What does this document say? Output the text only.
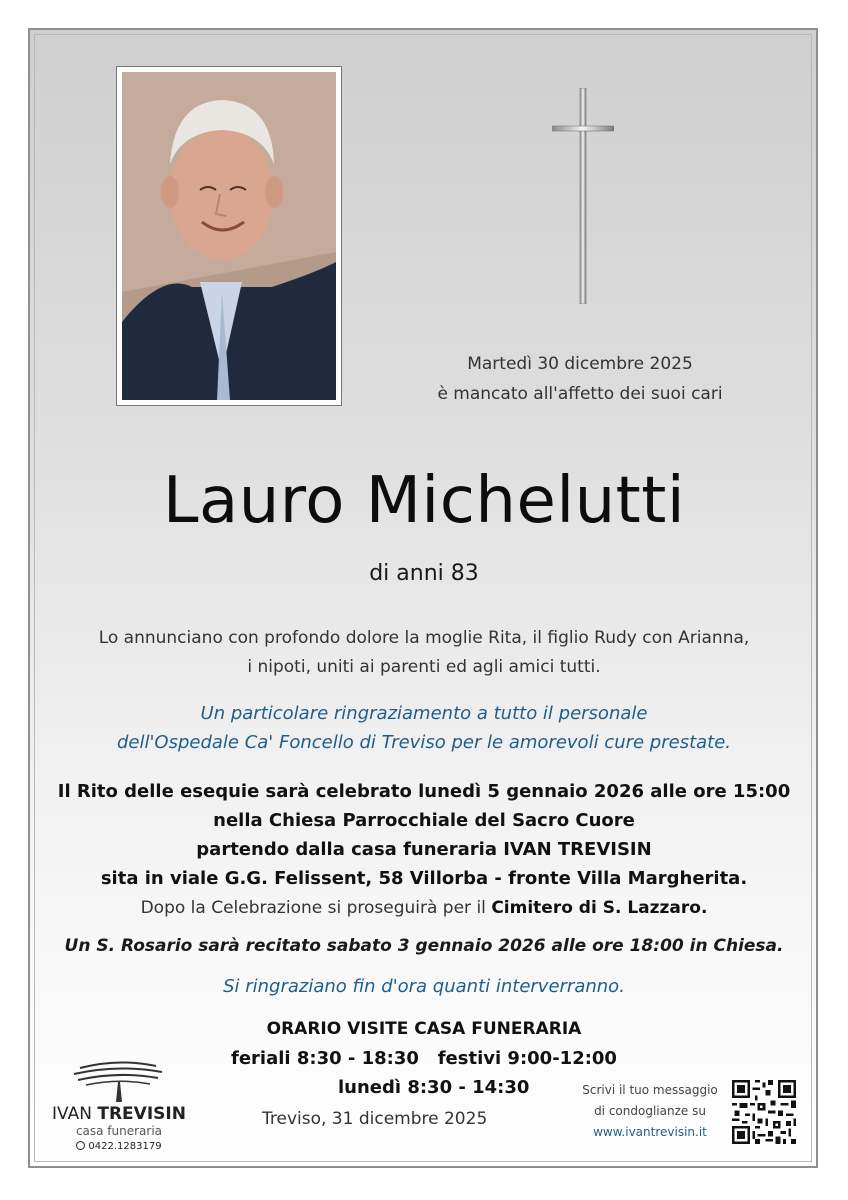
Martedì 30 dicembre 2025
è mancato all'affetto dei suoi cari
Lauro Michelutti
di anni 83
Lo annunciano con profondo dolore la moglie Rita, il figlio Rudy con Arianna,
i nipoti, uniti ai parenti ed agli amici tutti.
Un particolare ringraziamento a tutto il personale
dell'Ospedale Ca' Foncello di Treviso per le amorevoli cure prestate.
Il Rito delle esequie sarà celebrato lunedì 5 gennaio 2026 alle ore 15:00
nella Chiesa Parrocchiale del Sacro Cuore
partendo dalla casa funeraria IVAN TREVISIN
sita in viale G.G. Felissent, 58 Villorba - fronte Villa Margherita.
Dopo la Celebrazione si proseguirà per il Cimitero di S. Lazzaro.
Un S. Rosario sarà recitato sabato 3 gennaio 2026 alle ore 18:00 in Chiesa.
Si ringraziano fin d'ora quanti interverranno.
ORARIO VISITE CASA FUNERARIA
feriali 8:30 - 18:30   festivi 9:00-12:00
lunedì 8:30 - 14:30
Treviso, 31 dicembre 2025
IVAN TREVISIN
casa funeraria
0422.1283179
Scrivi il tuo messaggio
di condoglianze su
www.ivantrevisin.it
